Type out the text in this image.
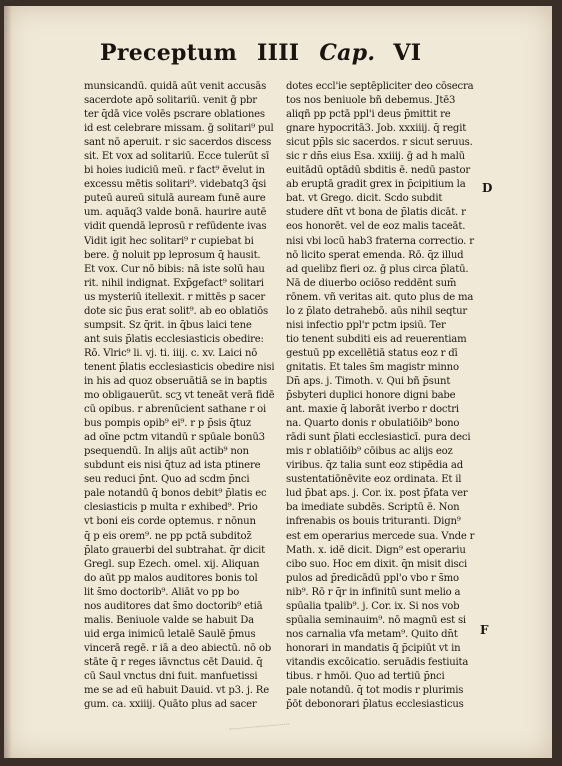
Preceptum IIII Cap. VI
munsicandū. quidā aūt venit accusās
sacerdote apō solitariū. venit ḡ pbr
ter q̄dā vice volēs pscrare oblationes
id est celebrare missam. ḡ solitari⁹ pul
sant nō aperuit. r sic sacerdos discess
sit. Et vox ad solitariū. Ecce tulerūt sī
bi hoies iudiciū meū. r fact⁹ ēvelut in
excessu mētis solitari⁹. videbatq3 q̄si
puteū aureū situlā auream funē aure
um. aquāq3 valde bonā. haurire autē
vidit quendā leprosū r refūdente ivas
Vidit igit hec solitari⁹ r cupiebat bi
bere. ḡ noluit pp leprosum q̄ hausit.
Et vox. Cur nō bibis: nā iste solū hau
rit. nihil indignat. Exp̄gefact⁹ solitari
us mysteriū itellexit. r mittēs p sacer
dote sic p̄us erat solit⁹. ab eo oblatiōs
sumpsit. Sz q̄rit. in q̄bus laici tene
ant suis p̄latis ecclesiasticis obedire:
Rō. Vlric⁹ li. vj. ti. iiij. c. xv. Laici nō
tenent p̄latis ecclesiasticis obedire nisi
in his ad quoz obseruātiā se in baptis
mo obligauerūt. scʒ vt teneāt verā fidē
cū opibus. r abrenūcient sathane r oi
bus pompis opib⁹ ei⁹. r p p̄sis q̄tuz
ad oīne pctm vitandū r spūale bonū3
psequendū. In alijs aūt actib⁹ non
subdunt eis nisi q̄tuz ad ista ptinere
seu reduci p̄nt. Quo ad scdm p̄nci
pale notandū q̄ bonos debit⁹ p̄latis ec
clesiasticis p multa r exhibed⁹. Prio
vt boni eis corde optemus. r nōnun
q̄ p eis orem⁹. ne pp pctā subditoz̄
p̄lato grauerbi del subtrahat. q̄r dicit
Gregl. sup Ezech. omel. xij. Aliquan
do aūt pp malos auditores bonis tol
lit s̄mo doctorib⁹. Aliāt vo pp bo
nos auditores dat s̄mo doctorib⁹ etiā
malis. Beniuole valde se habuit Da
uid erga inimicū letalē Saulē p̄mus
vincerā regē. r iā a deo abiectū. nō ob
stāte q̄ r reges iāvnctus cēt Dauid. q̄
cū Saul vnctus dni fuit. manfuetissi
me se ad eū habuit Dauid. vt p3. j. Re
gum. ca. xxiiij. Quāto plus ad sacer
dotes eccl'ie septēpliciter deo cōsecra
tos nos beniuole bñ debemus. Jtē3
aliqñ pp pctā ppl'i deus p̄mittit re
gnare hypocritā3. Job. xxxiiij. q̄ regit
sicut pp̄ls sic sacerdos. r sicut seruus.
sic r dn̄s eius Esa. xxiiij. ḡ ad h malū
euitādū optādū sbditis ē. nedū pastor
ab eruptā gradit grex in p̄cipitium la
bat. vt Grego. dicit. Scdo subdit
studere dn̄t vt bona de p̄latis dicāt. r
eos honorēt. vel de eoz malis taceāt.
nisi vbi locū hab3 fraterna correctio. r
nō licito sperat emenda. Rō. q̄z illud
ad quelibz fieri oz. ḡ plus circa p̄latū.
Nā de diuerbo ociōso reddēnt sum̄
rōnem. vñ veritas ait. quto plus de ma
lo z p̄lato detrahebō. aūs nihil seqtur
nisi infectio ppl'r pctm ipsiū. Ter
tio tenent subditi eis ad reuerentiam
gestuū pp excellētiā status eoz r dī
gnitatis. Et tales s̄m magistr minno
Dn̄ aps. j. Timoth. v. Qui bñ p̄sunt
p̄sbyteri duplici honore digni babe
ant. maxie q̄ laborāt iverbo r doctri
na. Quarto donis r obulatiōib⁹ bono
rādi sunt p̄lati ecclesiasticī. pura deci
mis r oblatiōib⁹ cōibus ac alijs eoz
viribus. q̄z talia sunt eoz stipēdia ad
sustentatiōnēvite eoz ordinata. Et il
lud p̄bat aps. j. Cor. ix. post p̄fata ver
ba imediate subdēs. Scriptū ē. Non
infrenabis os bouis trituranti. Dign⁹
est em operarius mercede sua. Vnde r
Math. x. idē dicit. Dign⁹ est operariu
cibo suo. Hoc em dixit. q̄n misit disci
pulos ad p̄redicādū ppl'o vbo r s̄mo
nib⁹. Rō r q̄r in infinitū sunt melio a
spūalia tpalib⁹. j. Cor. ix. Si nos vob
spūalia seminauim⁹. nō magnū est si
nos carnalia vfa metam⁹. Quito dn̄t
honorari in mandatis q̄ p̄cipiūt vt in
vitandis excōicatio. seruādis festiuita
tibus. r hmōi. Quo ad tertiū p̄nci
pale notandū. q̄ tot modis r plurimis
p̄ōt debonorari p̄latus ecclesiasticus
D
F
